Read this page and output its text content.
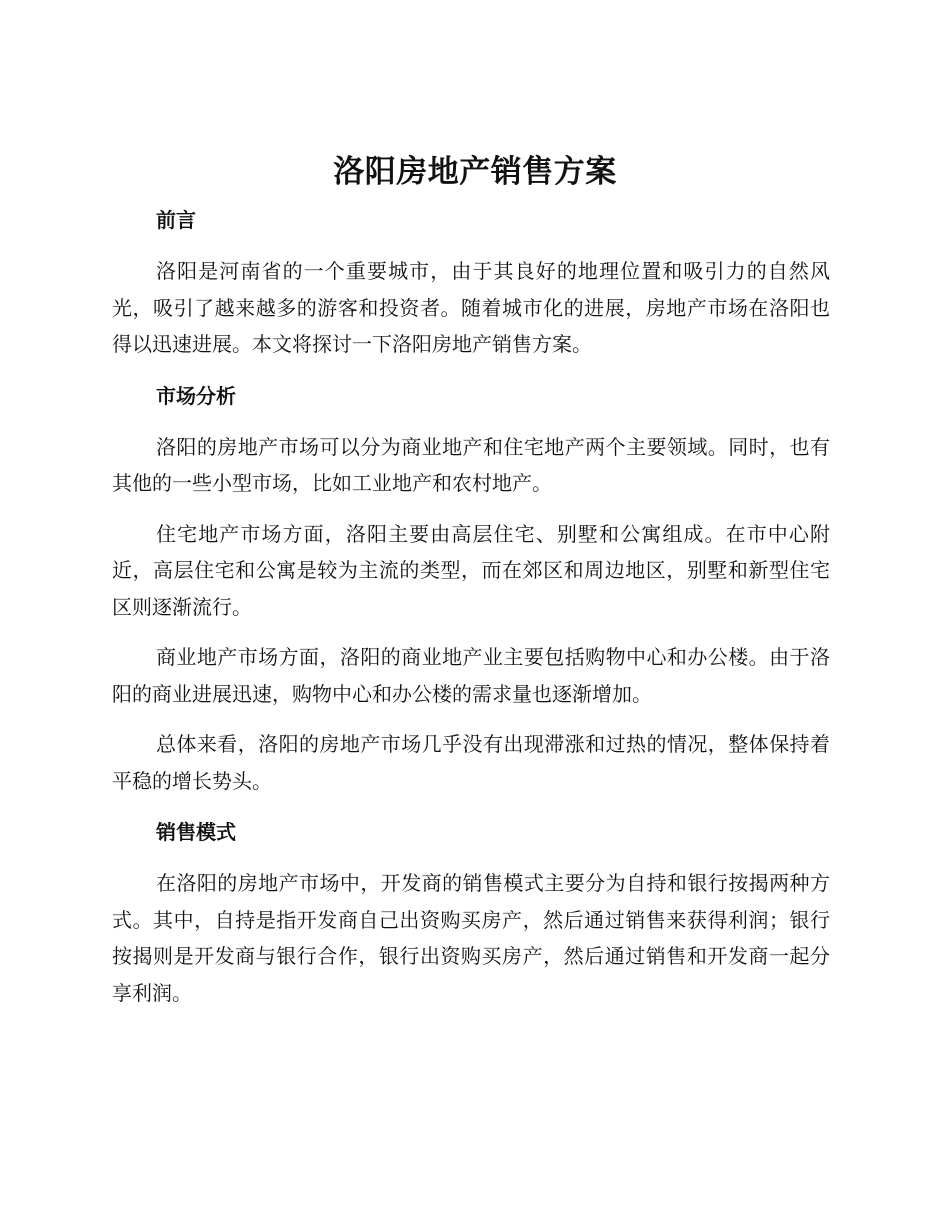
洛阳房地产销售方案
前言

洛阳是河南省的一个重要城市，由于其良好的地理位置和吸引力的自然风光，吸引了越来越多的游客和投资者。随着城市化的进展，房地产市场在洛阳也得以迅速进展。本文将探讨一下洛阳房地产销售方案。

市场分析

洛阳的房地产市场可以分为商业地产和住宅地产两个主要领域。同时，也有其他的一些小型市场，比如工业地产和农村地产。

住宅地产市场方面，洛阳主要由高层住宅、别墅和公寓组成。在市中心附近，高层住宅和公寓是较为主流的类型，而在郊区和周边地区，别墅和新型住宅区则逐渐流行。

商业地产市场方面，洛阳的商业地产业主要包括购物中心和办公楼。由于洛阳的商业进展迅速，购物中心和办公楼的需求量也逐渐增加。

总体来看，洛阳的房地产市场几乎没有出现滞涨和过热的情况，整体保持着平稳的增长势头。

销售模式

在洛阳的房地产市场中，开发商的销售模式主要分为自持和银行按揭两种方式。其中，自持是指开发商自己出资购买房产，然后通过销售来获得利润；银行按揭则是开发商与银行合作，银行出资购买房产，然后通过销售和开发商一起分享利润。
